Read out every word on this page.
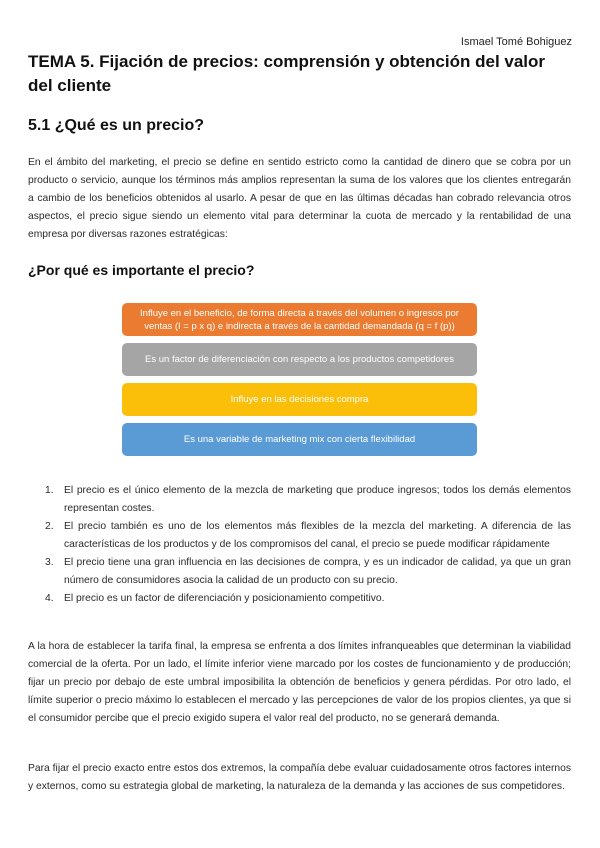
Ismael Tomé Bohiguez
TEMA 5. Fijación de precios: comprensión y obtención del valor del cliente
5.1 ¿Qué es un precio?

En el ámbito del marketing, el precio se define en sentido estricto como la cantidad de dinero que se cobra por un producto o servicio, aunque los términos más amplios representan la suma de los valores que los clientes entregarán a cambio de los beneficios obtenidos al usarlo. A pesar de que en las últimas décadas han cobrado relevancia otros aspectos, el precio sigue siendo un elemento vital para determinar la cuota de mercado y la rentabilidad de una empresa por diversas razones estratégicas:

¿Por qué es importante el precio?
Influye en el beneficio, de forma directa a través del volumen o ingresos por ventas (I = p x q) e indirecta a través de la cantidad demandada (q = f (p))
Es un factor de diferenciación con respecto a los productos competidores
Influye en las decisiones compra
Es una variable de marketing mix con cierta flexibilidad
1. El precio es el único elemento de la mezcla de marketing que produce ingresos; todos los demás elementos representan costes.
2. El precio también es uno de los elementos más flexibles de la mezcla del marketing. A diferencia de las características de los productos y de los compromisos del canal, el precio se puede modificar rápidamente
3. El precio tiene una gran influencia en las decisiones de compra, y es un indicador de calidad, ya que un gran número de consumidores asocia la calidad de un producto con su precio.
4. El precio es un factor de diferenciación y posicionamiento competitivo.

A la hora de establecer la tarifa final, la empresa se enfrenta a dos límites infranqueables que determinan la viabilidad comercial de la oferta. Por un lado, el límite inferior viene marcado por los costes de funcionamiento y de producción; fijar un precio por debajo de este umbral imposibilita la obtención de beneficios y genera pérdidas. Por otro lado, el límite superior o precio máximo lo establecen el mercado y las percepciones de valor de los propios clientes, ya que si el consumidor percibe que el precio exigido supera el valor real del producto, no se generará demanda.

Para fijar el precio exacto entre estos dos extremos, la compañía debe evaluar cuidadosamente otros factores internos y externos, como su estrategia global de marketing, la naturaleza de la demanda y las acciones de sus competidores.
